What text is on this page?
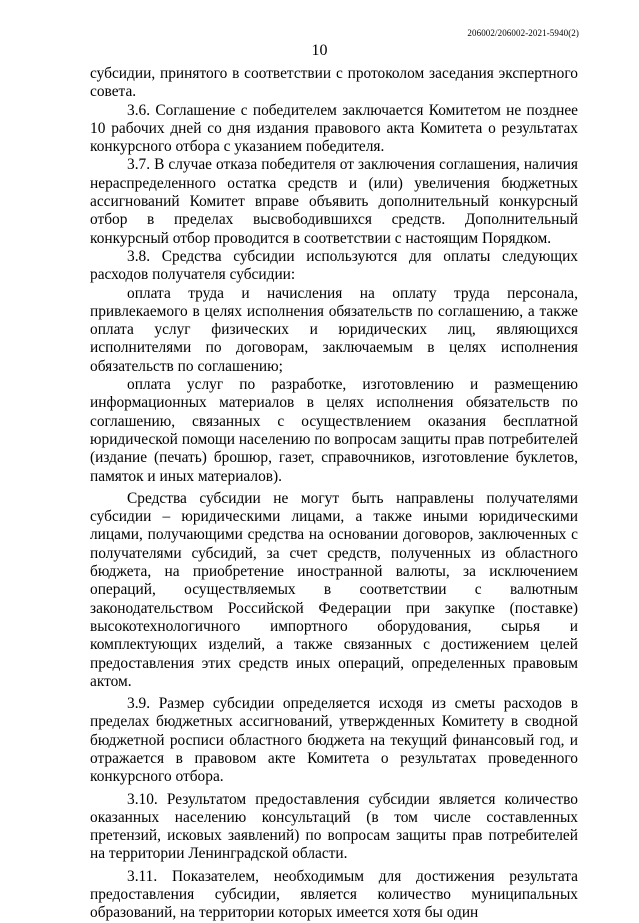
206002/206002-2021-5940(2)
10

субсидии, принятого в соответствии с протоколом заседания экспертного совета.

3.6. Соглашение с победителем заключается Комитетом не позднее 10 рабочих дней со дня издания правового акта Комитета о результатах конкурсного отбора с указанием победителя.

3.7. В случае отказа победителя от заключения соглашения, наличия нераспределенного остатка средств и (или) увеличения бюджетных ассигнований Комитет вправе объявить дополнительный конкурсный отбор в пределах высвободившихся средств. Дополнительный конкурсный отбор проводится в соответствии с настоящим Порядком.

3.8. Средства субсидии используются для оплаты следующих расходов получателя субсидии:

оплата труда и начисления на оплату труда персонала, привлекаемого в целях исполнения обязательств по соглашению, а также оплата услуг физических и юридических лиц, являющихся исполнителями по договорам, заключаемым в целях исполнения обязательств по соглашению;

оплата услуг по разработке, изготовлению и размещению информационных материалов в целях исполнения обязательств по соглашению, связанных с осуществлением оказания бесплатной юридической помощи населению по вопросам защиты прав потребителей (издание (печать) брошюр, газет, справочников, изготовление буклетов, памяток и иных материалов).

Средства субсидии не могут быть направлены получателями субсидии – юридическими лицами, а также иными юридическими лицами, получающими средства на основании договоров, заключенных с получателями субсидий, за счет средств, полученных из областного бюджета, на приобретение иностранной валюты, за исключением операций, осуществляемых в соответствии с валютным законодательством Российской Федерации при закупке (поставке) высокотехнологичного импортного оборудования, сырья и комплектующих изделий, а также связанных с достижением целей предоставления этих средств иных операций, определенных правовым актом.

3.9. Размер субсидии определяется исходя из сметы расходов в пределах бюджетных ассигнований, утвержденных Комитету в сводной бюджетной росписи областного бюджета на текущий финансовый год, и отражается в правовом акте Комитета о результатах проведенного конкурсного отбора.

3.10. Результатом предоставления субсидии является количество оказанных населению консультаций (в том числе составленных претензий, исковых заявлений) по вопросам защиты прав потребителей на территории Ленинградской области.

3.11. Показателем, необходимым для достижения результата предоставления субсидии, является количество муниципальных образований, на территории которых имеется хотя бы один
